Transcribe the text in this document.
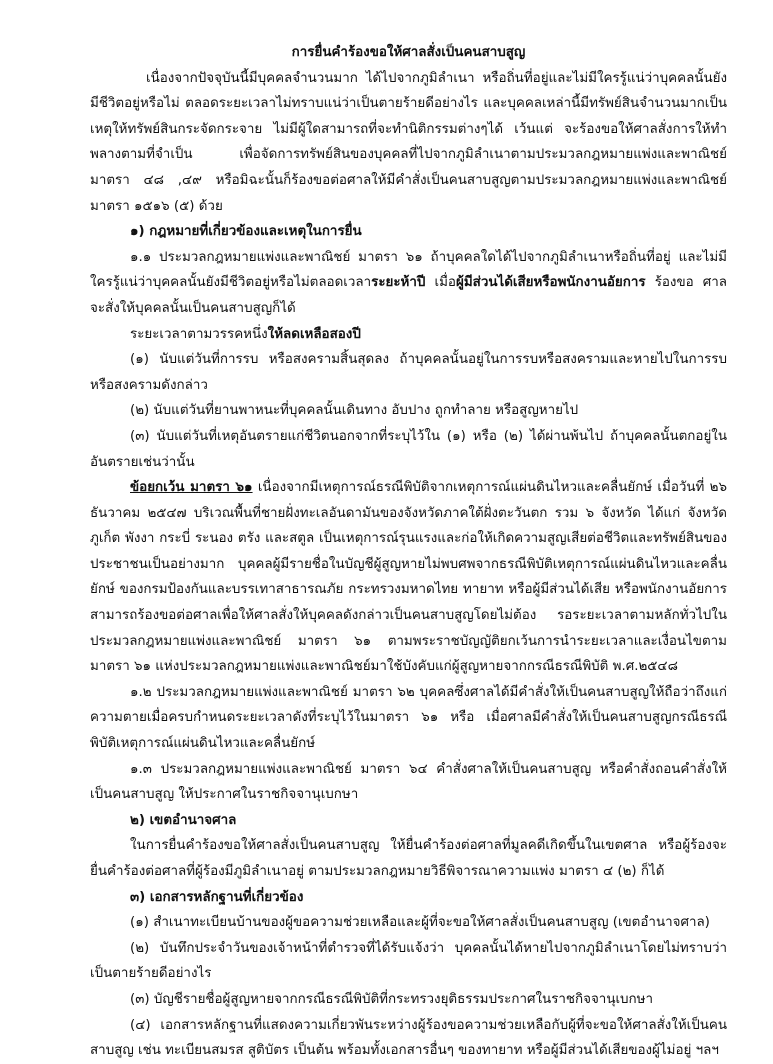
การยื่นคำร้องขอให้ศาลสั่งเป็นคนสาบสูญ

เนื่องจากปัจจุบันนี้มีบุคคลจำนวนมาก ได้ไปจากภูมิลำเนา หรือถิ่นที่อยู่และไม่มีใครรู้แน่ว่าบุคคลนั้นยังมีชีวิตอยู่หรือไม่ ตลอดระยะเวลาไม่ทราบแน่ว่าเป็นตายร้ายดีอย่างไร และบุคคลเหล่านี้มีทรัพย์สินจำนวนมากเป็นเหตุให้ทรัพย์สินกระจัดกระจาย ไม่มีผู้ใดสามารถที่จะทำนิติกรรมต่างๆได้ เว้นแต่ จะร้องขอให้ศาลสั่งการให้ทำพลางตามที่จำเป็น เพื่อจัดการทรัพย์สินของบุคคลที่ไปจากภูมิลำเนาตามประมวลกฎหมายแพ่งและพาณิชย์ มาตรา ๔๘ ,๔๙ หรือมิฉะนั้นก็ร้องขอต่อศาลให้มีคำสั่งเป็นคนสาบสูญตามประมวลกฎหมายแพ่งและพาณิชย์ มาตรา ๑๕๑๖ (๕) ด้วย

๑) กฎหมายที่เกี่ยวข้องและเหตุในการยื่น

๑.๑ ประมวลกฎหมายแพ่งและพาณิชย์ มาตรา ๖๑ ถ้าบุคคลใดได้ไปจากภูมิลำเนาหรือถิ่นที่อยู่ และไม่มีใครรู้แน่ว่าบุคคลนั้นยังมีชีวิตอยู่หรือไม่ตลอดเวลาระยะห้าปี เมื่อผู้มีส่วนได้เสียหรือพนักงานอัยการ ร้องขอ ศาลจะสั่งให้บุคคลนั้นเป็นคนสาบสูญก็ได้

ระยะเวลาตามวรรคหนึ่งให้ลดเหลือสองปี

(๑) นับแต่วันที่การรบ หรือสงครามสิ้นสุดลง ถ้าบุคคลนั้นอยู่ในการรบหรือสงครามและหายไปในการรบหรือสงครามดังกล่าว

(๒) นับแต่วันที่ยานพาหนะที่บุคคลนั้นเดินทาง อับปาง ถูกทำลาย หรือสูญหายไป

(๓) นับแต่วันที่เหตุอันตรายแก่ชีวิตนอกจากที่ระบุไว้ใน (๑) หรือ (๒) ได้ผ่านพ้นไป ถ้าบุคคลนั้นตกอยู่ในอันตรายเช่นว่านั้น

ข้อยกเว้น มาตรา ๖๑ เนื่องจากมีเหตุการณ์ธรณีพิบัติจากเหตุการณ์แผ่นดินไหวและคลื่นยักษ์ เมื่อวันที่ ๒๖ ธันวาคม ๒๕๔๗ บริเวณพื้นที่ชายฝั่งทะเลอันดามันของจังหวัดภาคใต้ฝั่งตะวันตก รวม ๖ จังหวัด ได้แก่ จังหวัดภูเก็ต พังงา กระบี่ ระนอง ตรัง และสตูล เป็นเหตุการณ์รุนแรงและก่อให้เกิดความสูญเสียต่อชีวิตและทรัพย์สินของประชาชนเป็นอย่างมาก บุคคลผู้มีรายชื่อในบัญชีผู้สูญหายไม่พบศพจากธรณีพิบัติเหตุการณ์แผ่นดินไหวและคลื่นยักษ์ ของกรมป้องกันและบรรเทาสาธารณภัย กระทรวงมหาดไทย ทายาท หรือผู้มีส่วนได้เสีย หรือพนักงานอัยการ สามารถร้องขอต่อศาลเพื่อให้ศาลสั่งให้บุคคลดังกล่าวเป็นคนสาบสูญโดยไม่ต้อง รอระยะเวลาตามหลักทั่วไปในประมวลกฎหมายแพ่งและพาณิชย์ มาตรา ๖๑ ตามพระราชบัญญัติยกเว้นการนำระยะเวลาและเงื่อนไขตามมาตรา ๖๑ แห่งประมวลกฎหมายแพ่งและพาณิชย์มาใช้บังคับแก่ผู้สูญหายจากกรณีธรณีพิบัติ พ.ศ.๒๕๔๘

๑.๒ ประมวลกฎหมายแพ่งและพาณิชย์ มาตรา ๖๒ บุคคลซึ่งศาลได้มีคำสั่งให้เป็นคนสาบสูญให้ถือว่าถึงแก่ความตายเมื่อครบกำหนดระยะเวลาดังที่ระบุไว้ในมาตรา ๖๑ หรือ เมื่อศาลมีคำสั่งให้เป็นคนสาบสูญกรณีธรณีพิบัติเหตุการณ์แผ่นดินไหวและคลื่นยักษ์

๑.๓ ประมวลกฎหมายแพ่งและพาณิชย์ มาตรา ๖๔ คำสั่งศาลให้เป็นคนสาบสูญ หรือคำสั่งถอนคำสั่งให้เป็นคนสาบสูญ ให้ประกาศในราชกิจจานุเบกษา

๒) เขตอำนาจศาล

ในการยื่นคำร้องขอให้ศาลสั่งเป็นคนสาบสูญ ให้ยื่นคำร้องต่อศาลที่มูลคดีเกิดขึ้นในเขตศาล หรือผู้ร้องจะยื่นคำร้องต่อศาลที่ผู้ร้องมีภูมิลำเนาอยู่ ตามประมวลกฎหมายวิธีพิจารณาความแพ่ง มาตรา ๔ (๒) ก็ได้

๓) เอกสารหลักฐานที่เกี่ยวข้อง

(๑) สำเนาทะเบียนบ้านของผู้ขอความช่วยเหลือและผู้ที่จะขอให้ศาลสั่งเป็นคนสาบสูญ (เขตอำนาจศาล)

(๒) บันทึกประจำวันของเจ้าหน้าที่ตำรวจที่ได้รับแจ้งว่า บุคคลนั้นได้หายไปจากภูมิลำเนาโดยไม่ทราบว่าเป็นตายร้ายดีอย่างไร

(๓) บัญชีรายชื่อผู้สูญหายจากกรณีธรณีพิบัติที่กระทรวงยุติธรรมประกาศในราชกิจจานุเบกษา

(๔) เอกสารหลักฐานที่แสดงความเกี่ยวพันระหว่างผู้ร้องขอความช่วยเหลือกับผู้ที่จะขอให้ศาลสั่งให้เป็นคนสาบสูญ เช่น ทะเบียนสมรส สูติบัตร เป็นต้น พร้อมทั้งเอกสารอื่นๆ ของทายาท หรือผู้มีส่วนได้เสียของผู้ไม่อยู่ ฯลฯ
